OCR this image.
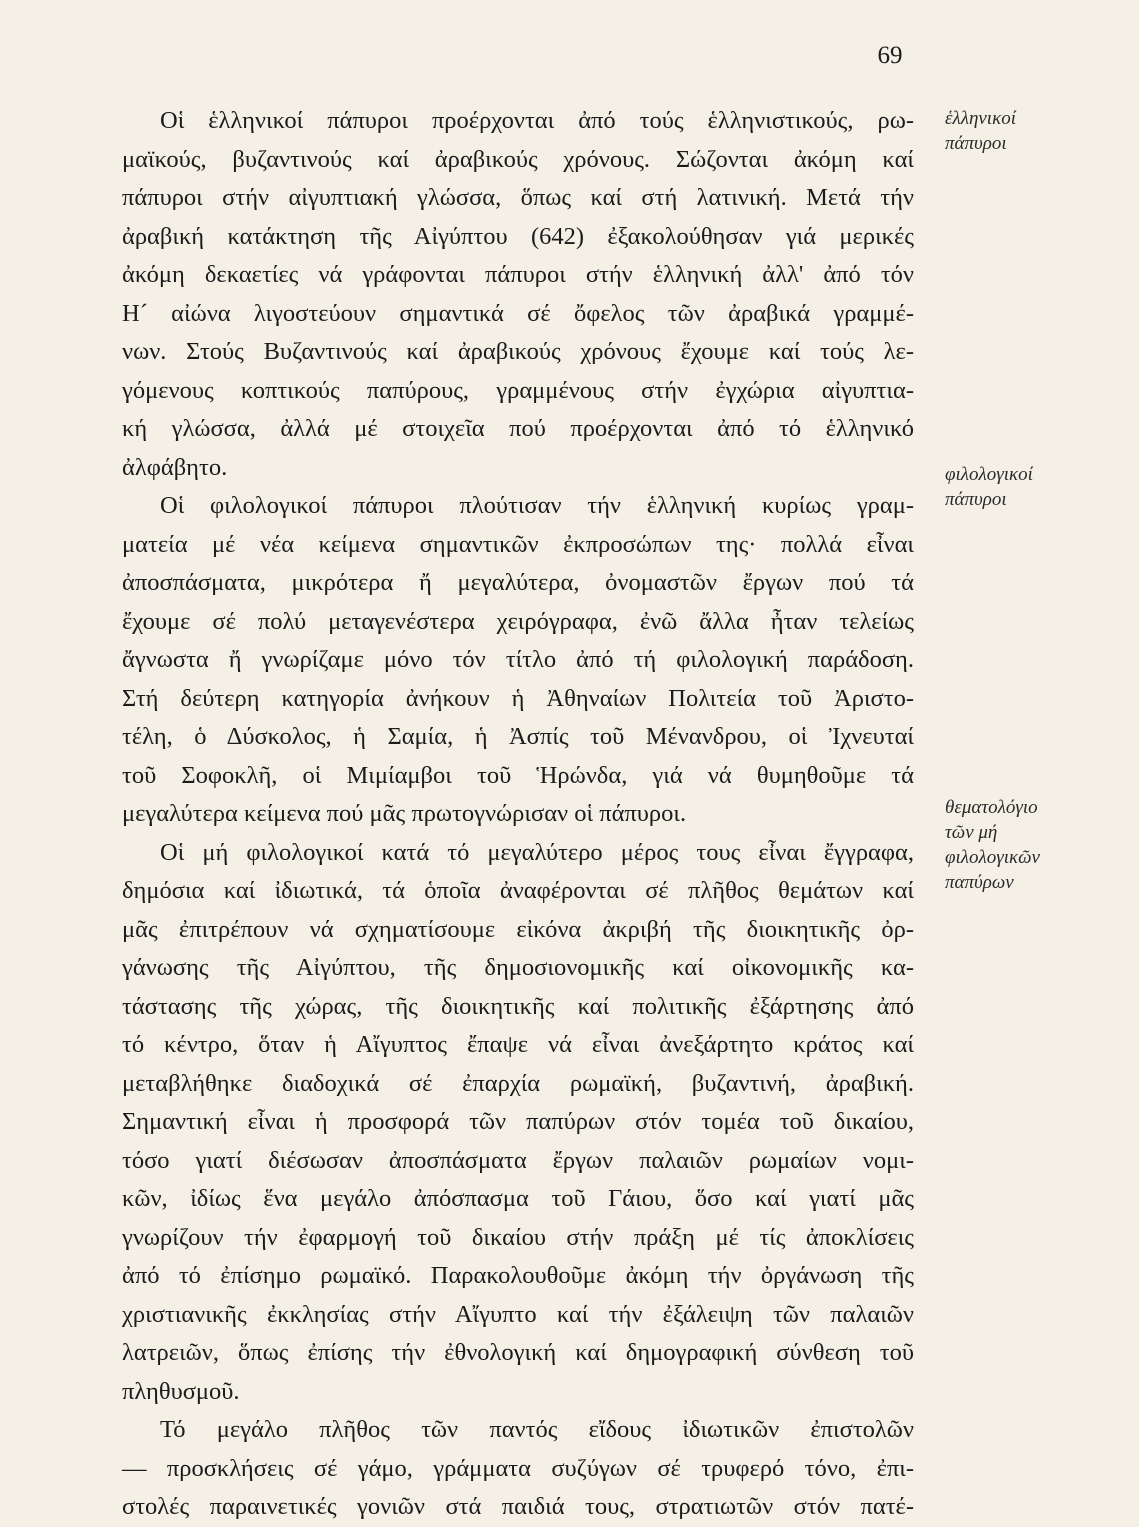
69
Οἱ ἑλληνικοί πάπυροι προέρχονται ἀπό τούς ἑλληνιστικούς, ρω-
μαϊκούς, βυζαντινούς καί ἀραβικούς χρόνους. Σώζονται ἀκόμη καί
πάπυροι στήν αἰγυπτιακή γλώσσα, ὅπως καί στή λατινική. Μετά τήν
ἀραβική κατάκτηση τῆς Αἰγύπτου (642) ἐξακολούθησαν γιά μερικές
ἀκόμη δεκαετίες νά γράφονται πάπυροι στήν ἑλληνική ἀλλ' ἀπό τόν
Η´ αἰώνα λιγοστεύουν σημαντικά σέ ὄφελος τῶν ἀραβικά γραμμέ-
νων. Στούς Βυζαντινούς καί ἀραβικούς χρόνους ἔχουμε καί τούς λε-
γόμενους κοπτικούς παπύρους, γραμμένους στήν ἐγχώρια αἰγυπτια-
κή γλώσσα, ἀλλά μέ στοιχεῖα πού προέρχονται ἀπό τό ἑλληνικό
ἀλφάβητο.
Οἱ φιλολογικοί πάπυροι πλούτισαν τήν ἑλληνική κυρίως γραμ-
ματεία μέ νέα κείμενα σημαντικῶν ἐκπροσώπων της· πολλά εἶναι
ἀποσπάσματα, μικρότερα ἤ μεγαλύτερα, ὀνομαστῶν ἔργων πού τά
ἔχουμε σέ πολύ μεταγενέστερα χειρόγραφα, ἐνῶ ἄλλα ἦταν τελείως
ἄγνωστα ἤ γνωρίζαμε μόνο τόν τίτλο ἀπό τή φιλολογική παράδοση.
Στή δεύτερη κατηγορία ἀνήκουν ἡ Ἀθηναίων Πολιτεία τοῦ Ἀριστο-
τέλη, ὁ Δύσκολος, ἡ Σαμία, ἡ Ἀσπίς τοῦ Μένανδρου, οἱ Ἰχνευταί
τοῦ Σοφοκλῆ, οἱ Μιμίαμβοι τοῦ Ἡρώνδα, γιά νά θυμηθοῦμε τά
μεγαλύτερα κείμενα πού μᾶς πρωτογνώρισαν οἱ πάπυροι.
Οἱ μή φιλολογικοί κατά τό μεγαλύτερο μέρος τους εἶναι ἔγγραφα,
δημόσια καί ἰδιωτικά, τά ὁποῖα ἀναφέρονται σέ πλῆθος θεμάτων καί
μᾶς ἐπιτρέπουν νά σχηματίσουμε εἰκόνα ἀκριβή τῆς διοικητικῆς ὀρ-
γάνωσης τῆς Αἰγύπτου, τῆς δημοσιονομικῆς καί οἰκονομικῆς κα-
τάστασης τῆς χώρας, τῆς διοικητικῆς καί πολιτικῆς ἐξάρτησης ἀπό
τό κέντρο, ὅταν ἡ Αἴγυπτος ἔπαψε νά εἶναι ἀνεξάρτητο κράτος καί
μεταβλήθηκε διαδοχικά σέ ἐπαρχία ρωμαϊκή, βυζαντινή, ἀραβική.
Σημαντική εἶναι ἡ προσφορά τῶν παπύρων στόν τομέα τοῦ δικαίου,
τόσο γιατί διέσωσαν ἀποσπάσματα ἔργων παλαιῶν ρωμαίων νομι-
κῶν, ἰδίως ἕνα μεγάλο ἀπόσπασμα τοῦ Γάιου, ὅσο καί γιατί μᾶς
γνωρίζουν τήν ἐφαρμογή τοῦ δικαίου στήν πράξη μέ τίς ἀποκλίσεις
ἀπό τό ἐπίσημο ρωμαϊκό. Παρακολουθοῦμε ἀκόμη τήν ὀργάνωση τῆς
χριστιανικῆς ἐκκλησίας στήν Αἴγυπτο καί τήν ἐξάλειψη τῶν παλαιῶν
λατρειῶν, ὅπως ἐπίσης τήν ἐθνολογική καί δημογραφική σύνθεση τοῦ
πληθυσμοῦ.
Τό μεγάλο πλῆθος τῶν παντός εἴδους ἰδιωτικῶν ἐπιστολῶν
— προσκλήσεις σέ γάμο, γράμματα συζύγων σέ τρυφερό τόνο, ἐπι-
στολές παραινετικές γονιῶν στά παιδιά τους, στρατιωτῶν στόν πατέ-
ἑλληνικοί
πάπυροι
φιλολογικοί
πάπυροι
θεματολόγιο
τῶν μή
φιλολογικῶν
παπύρων
